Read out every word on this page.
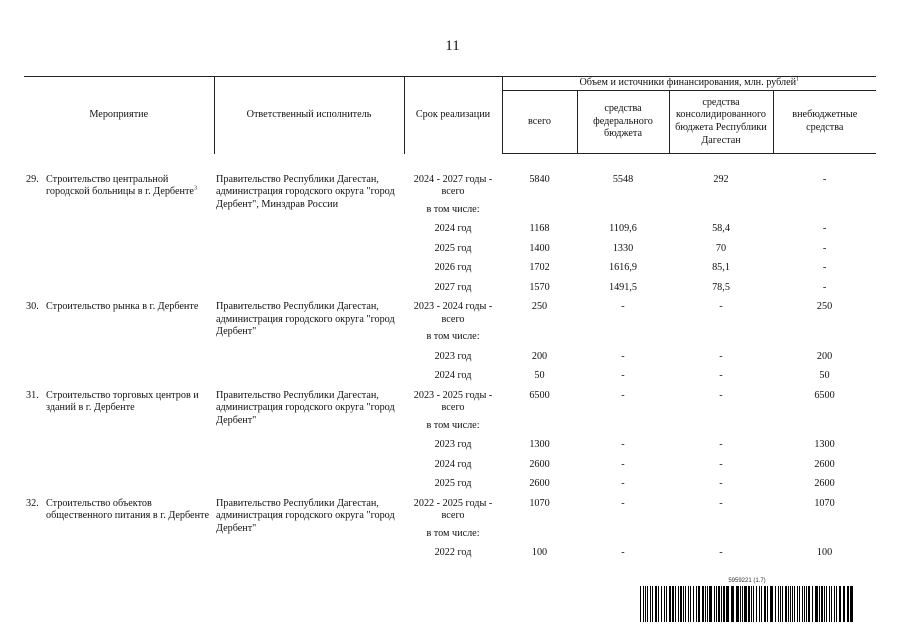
11
Мероприятие	Ответственный исполнитель	Срок реализации	Объем и источники финансирования, млн. рублей$^1$
			всего	средства федерального бюджета	средства консолидированного бюджета Республики Дагестан	внебюджетные средства

29. Строительство центральной городской больницы в г. Дербенте$^3$	Правительство Республики Дагестан, администрация городского округа "город Дербент", Минздрав России	2024 - 2027 годы - всего	5840	5548	292	-
		в том числе:				
		2024 год	1168	1109,6	58,4	-
		2025 год	1400	1330	70	-
		2026 год	1702	1616,9	85,1	-
		2027 год	1570	1491,5	78,5	-

30. Строительство рынка в г. Дербенте	Правительство Республики Дагестан, администрация городского округа "город Дербент"	2023 - 2024 годы - всего	250	-	-	250
		в том числе:				
		2023 год	200	-	-	200
		2024 год	50	-	-	50

31. Строительство торговых центров и зданий в г. Дербенте	Правительство Республики Дагестан, администрация городского округа "город Дербент"	2023 - 2025 годы - всего	6500	-	-	6500
		в том числе:				
		2023 год	1300	-	-	1300
		2024 год	2600	-	-	2600
		2025 год	2600	-	-	2600

32. Строительство объектов общественного питания в г. Дербенте	Правительство Республики Дагестан, администрация городского округа "город Дербент"	2022 - 2025 годы - всего	1070	-	-	1070
		в том числе:				
		2022 год	100	-	-	100
5959221 (1.7)
